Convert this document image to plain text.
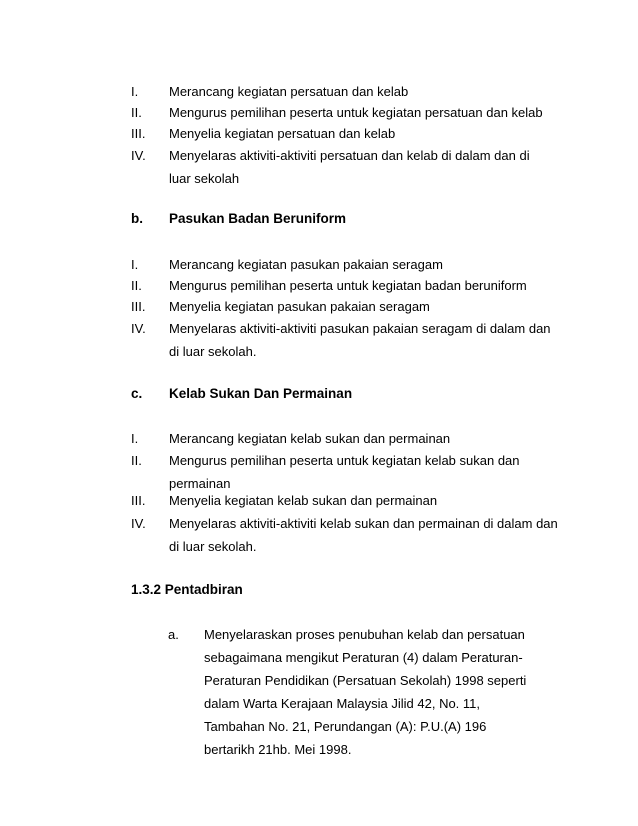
I.	Merancang kegiatan persatuan dan kelab
II.	Mengurus pemilihan peserta untuk kegiatan persatuan dan kelab
III.	Menyelia kegiatan persatuan dan kelab
IV.	Menyelaras aktiviti-aktiviti persatuan dan kelab di dalam dan di luar sekolah
b.	Pasukan Badan Beruniform
I.	Merancang kegiatan pasukan pakaian seragam
II.	Mengurus pemilihan peserta untuk kegiatan badan beruniform
III.	Menyelia kegiatan pasukan pakaian seragam
IV.	Menyelaras aktiviti-aktiviti pasukan pakaian seragam di dalam dan di luar sekolah.
c.	Kelab Sukan Dan Permainan
I.	Merancang kegiatan kelab sukan dan permainan
II.	Mengurus pemilihan peserta untuk kegiatan kelab sukan dan permainan
III.	Menyelia kegiatan kelab sukan dan permainan
IV.	Menyelaras aktiviti-aktiviti kelab sukan dan permainan di dalam dan di luar sekolah.
1.3.2 Pentadbiran
a.	Menyelaraskan proses penubuhan kelab dan persatuan sebagaimana mengikut Peraturan (4) dalam Peraturan-Peraturan Pendidikan (Persatuan Sekolah) 1998 seperti dalam Warta Kerajaan Malaysia Jilid 42, No. 11, Tambahan No. 21, Perundangan (A): P.U.(A) 196 bertarikh 21hb. Mei 1998.
